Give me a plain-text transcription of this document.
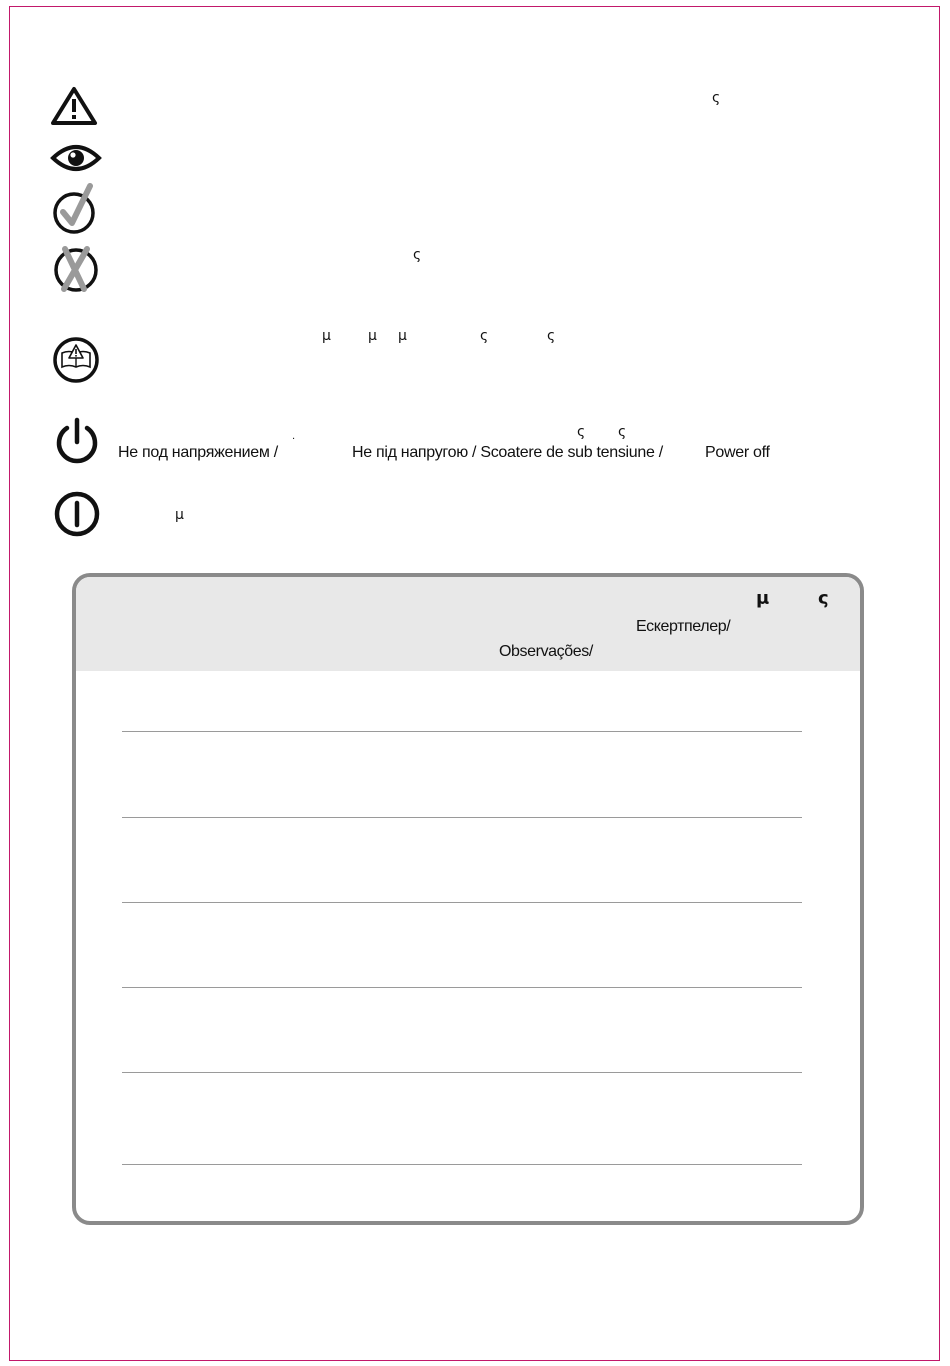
ς
ς
μ	μ μ	ς	ς
ς ς
Не под напряжением /
·
Не під напругою / Scoatere de sub tensiune /	Power off
μ
μ	ς
Ескертпелер/
Observações/
